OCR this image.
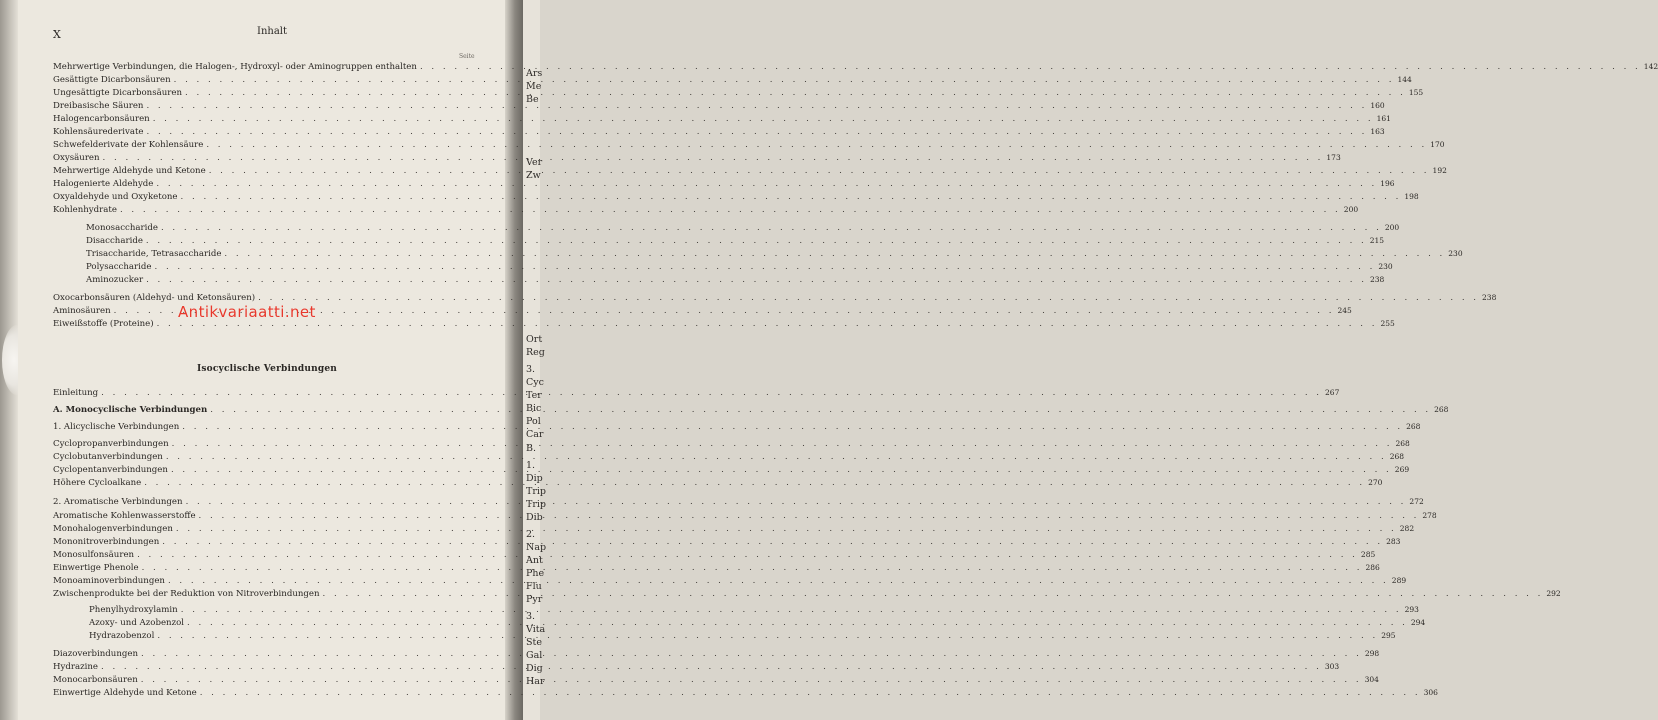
Ars
Me
Be
Ver
Zw
Ort
Reg
3.
Cyc
Ter
Bic
Pol
Car
B.
1.
Dip
Trip
Trip
Dib
2.
Nap
Ant
Phe
Flu
Pyr
3.
Vita
Ste
Gal
Dig
Har
X	Inhalt
Seite
Mehrwertige Verbindungen, die Halogen-, Hydroxyl- oder Aminogruppen enthalten . . .	142
Gesättigte Dicarbonsäuren . . .	144
Ungesättigte Dicarbonsäuren . . .	155
Dreibasische Säuren . . .	160
Halogencarbonsäuren . . .	161
Kohlensäurederivate . . .	163
Schwefelderivate der Kohlensäure . . .	170
Oxysäuren . . .	173
Mehrwertige Aldehyde und Ketone . . .	192
Halogenierte Aldehyde . . .	196
Oxyaldehyde und Oxyketone . . .	198
Kohlenhydrate . . .	200
Monosaccharide . . .	200
Disaccharide . . .	215
Trisaccharide, Tetrasaccharide . . .	230
Polysaccharide . . .	230
Aminozucker . . .	238
Oxocarbonsäuren (Aldehyd- und Ketonsäuren) . . .	238
Aminosäuren . . .	245
Eiweißstoffe (Proteine) . . .	255
Isocyclische Verbindungen
Einleitung . . .	267
A. Monocyclische Verbindungen . . .	268
1. Alicyclische Verbindungen . . .	268
Cyclopropanverbindungen . . .	268
Cyclobutanverbindungen . . .	268
Cyclopentanverbindungen . . .	269
Höhere Cycloalkane . . .	270
2. Aromatische Verbindungen . . .	272
Aromatische Kohlenwasserstoffe . . .	278
Monohalogenverbindungen . . .	282
Mononitroverbindungen . . .	283
Monosulfonsäuren . . .	285
Einwertige Phenole . . .	286
Monoaminoverbindungen . . .	289
Zwischenprodukte bei der Reduktion von Nitroverbindungen . . .	292
Phenylhydroxylamin . . .	293
Azoxy- und Azobenzol . . .	294
Hydrazobenzol . . .	295
Diazoverbindungen . . .	298
Hydrazine . . .	303
Monocarbonsäuren . . .	304
Einwertige Aldehyde und Ketone . . .	306
Antikvariaatti.net
